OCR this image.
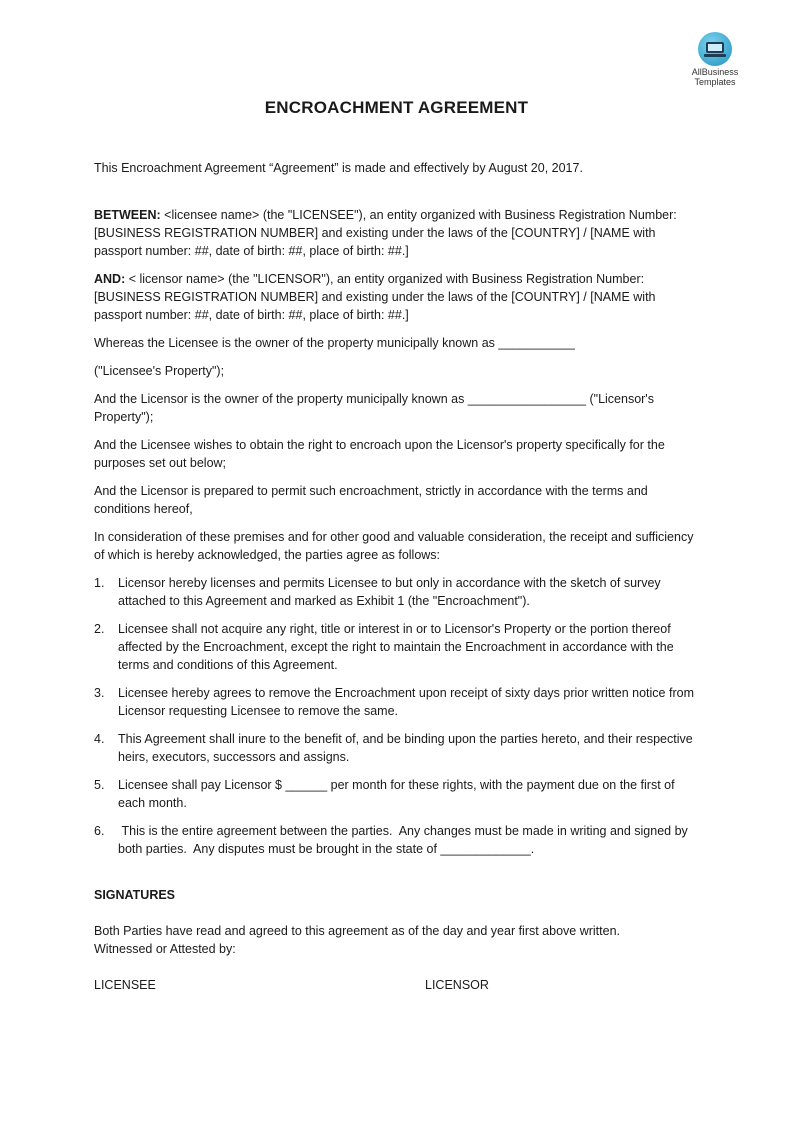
AllBusiness
Templates
ENCROACHMENT AGREEMENT

This Encroachment Agreement “Agreement” is made and effectively by August 20, 2017.

BETWEEN: <licensee name> (the "LICENSEE"), an entity organized with Business Registration Number: [BUSINESS REGISTRATION NUMBER] and existing under the laws of the [COUNTRY] / [NAME with passport number: ##, date of birth: ##, place of birth: ##.]

AND: < licensor name> (the "LICENSOR"), an entity organized with Business Registration Number: [BUSINESS REGISTRATION NUMBER] and existing under the laws of the [COUNTRY] / [NAME with passport number: ##, date of birth: ##, place of birth: ##.]

Whereas the Licensee is the owner of the property municipally known as ___________

("Licensee's Property");

And the Licensor is the owner of the property municipally known as _________________ ("Licensor's Property");

And the Licensee wishes to obtain the right to encroach upon the Licensor's property specifically for the purposes set out below;

And the Licensor is prepared to permit such encroachment, strictly in accordance with the terms and conditions hereof,

In consideration of these premises and for other good and valuable consideration, the receipt and sufficiency of which is hereby acknowledged, the parties agree as follows:

1. Licensor hereby licenses and permits Licensee to but only in accordance with the sketch of survey attached to this Agreement and marked as Exhibit 1 (the "Encroachment").
2. Licensee shall not acquire any right, title or interest in or to Licensor's Property or the portion thereof affected by the Encroachment, except the right to maintain the Encroachment in accordance with the terms and conditions of this Agreement.
3. Licensee hereby agrees to remove the Encroachment upon receipt of sixty days prior written notice from Licensor requesting Licensee to remove the same.
4. This Agreement shall inure to the benefit of, and be binding upon the parties hereto, and their respective heirs, executors, successors and assigns.
5. Licensee shall pay Licensor $ ______ per month for these rights, with the payment due on the first of each month.
6. This is the entire agreement between the parties.  Any changes must be made in writing and signed by both parties.  Any disputes must be brought in the state of _____________.

SIGNATURES

Both Parties have read and agreed to this agreement as of the day and year first above written.

Witnessed or Attested by:

LICENSEE	LICENSOR
